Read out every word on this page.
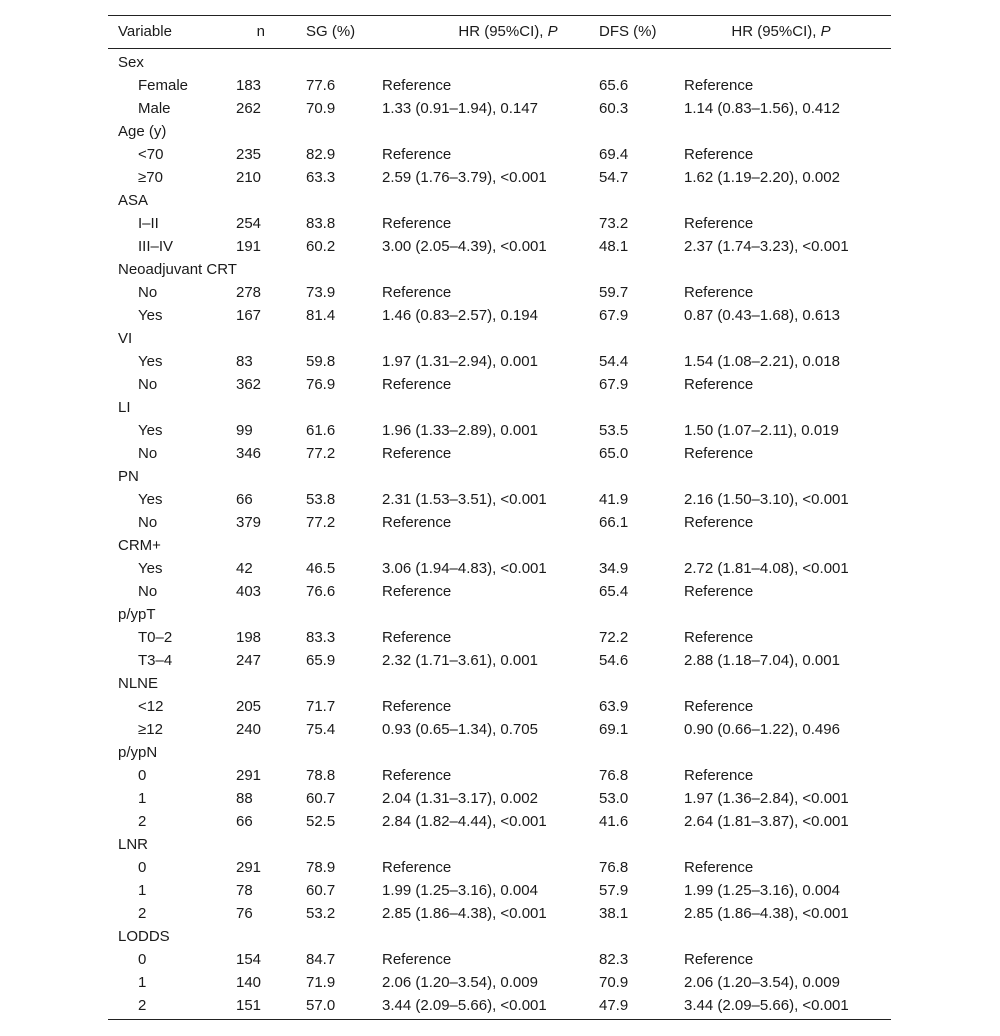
Variable	n	SG (%)	HR (95%CI), P	DFS (%)	HR (95%CI), P
Sex
Female	183	77.6	Reference	65.6	Reference
Male	262	70.9	1.33 (0.91–1.94), 0.147	60.3	1.14 (0.83–1.56), 0.412
Age (y)
<70	235	82.9	Reference	69.4	Reference
≥70	210	63.3	2.59 (1.76–3.79), <0.001	54.7	1.62 (1.19–2.20), 0.002
ASA
I–II	254	83.8	Reference	73.2	Reference
III–IV	191	60.2	3.00 (2.05–4.39), <0.001	48.1	2.37 (1.74–3.23), <0.001
Neoadjuvant CRT
No	278	73.9	Reference	59.7	Reference
Yes	167	81.4	1.46 (0.83–2.57), 0.194	67.9	0.87 (0.43–1.68), 0.613
VI
Yes	83	59.8	1.97 (1.31–2.94), 0.001	54.4	1.54 (1.08–2.21), 0.018
No	362	76.9	Reference	67.9	Reference
LI
Yes	99	61.6	1.96 (1.33–2.89), 0.001	53.5	1.50 (1.07–2.11), 0.019
No	346	77.2	Reference	65.0	Reference
PN
Yes	66	53.8	2.31 (1.53–3.51), <0.001	41.9	2.16 (1.50–3.10), <0.001
No	379	77.2	Reference	66.1	Reference
CRM+
Yes	42	46.5	3.06 (1.94–4.83), <0.001	34.9	2.72 (1.81–4.08), <0.001
No	403	76.6	Reference	65.4	Reference
p/ypT
T0–2	198	83.3	Reference	72.2	Reference
T3–4	247	65.9	2.32 (1.71–3.61), 0.001	54.6	2.88 (1.18–7.04), 0.001
NLNE
<12	205	71.7	Reference	63.9	Reference
≥12	240	75.4	0.93 (0.65–1.34), 0.705	69.1	0.90 (0.66–1.22), 0.496
p/ypN
0	291	78.8	Reference	76.8	Reference
1	88	60.7	2.04 (1.31–3.17), 0.002	53.0	1.97 (1.36–2.84), <0.001
2	66	52.5	2.84 (1.82–4.44), <0.001	41.6	2.64 (1.81–3.87), <0.001
LNR
0	291	78.9	Reference	76.8	Reference
1	78	60.7	1.99 (1.25–3.16), 0.004	57.9	1.99 (1.25–3.16), 0.004
2	76	53.2	2.85 (1.86–4.38), <0.001	38.1	2.85 (1.86–4.38), <0.001
LODDS
0	154	84.7	Reference	82.3	Reference
1	140	71.9	2.06 (1.20–3.54), 0.009	70.9	2.06 (1.20–3.54), 0.009
2	151	57.0	3.44 (2.09–5.66), <0.001	47.9	3.44 (2.09–5.66), <0.001
